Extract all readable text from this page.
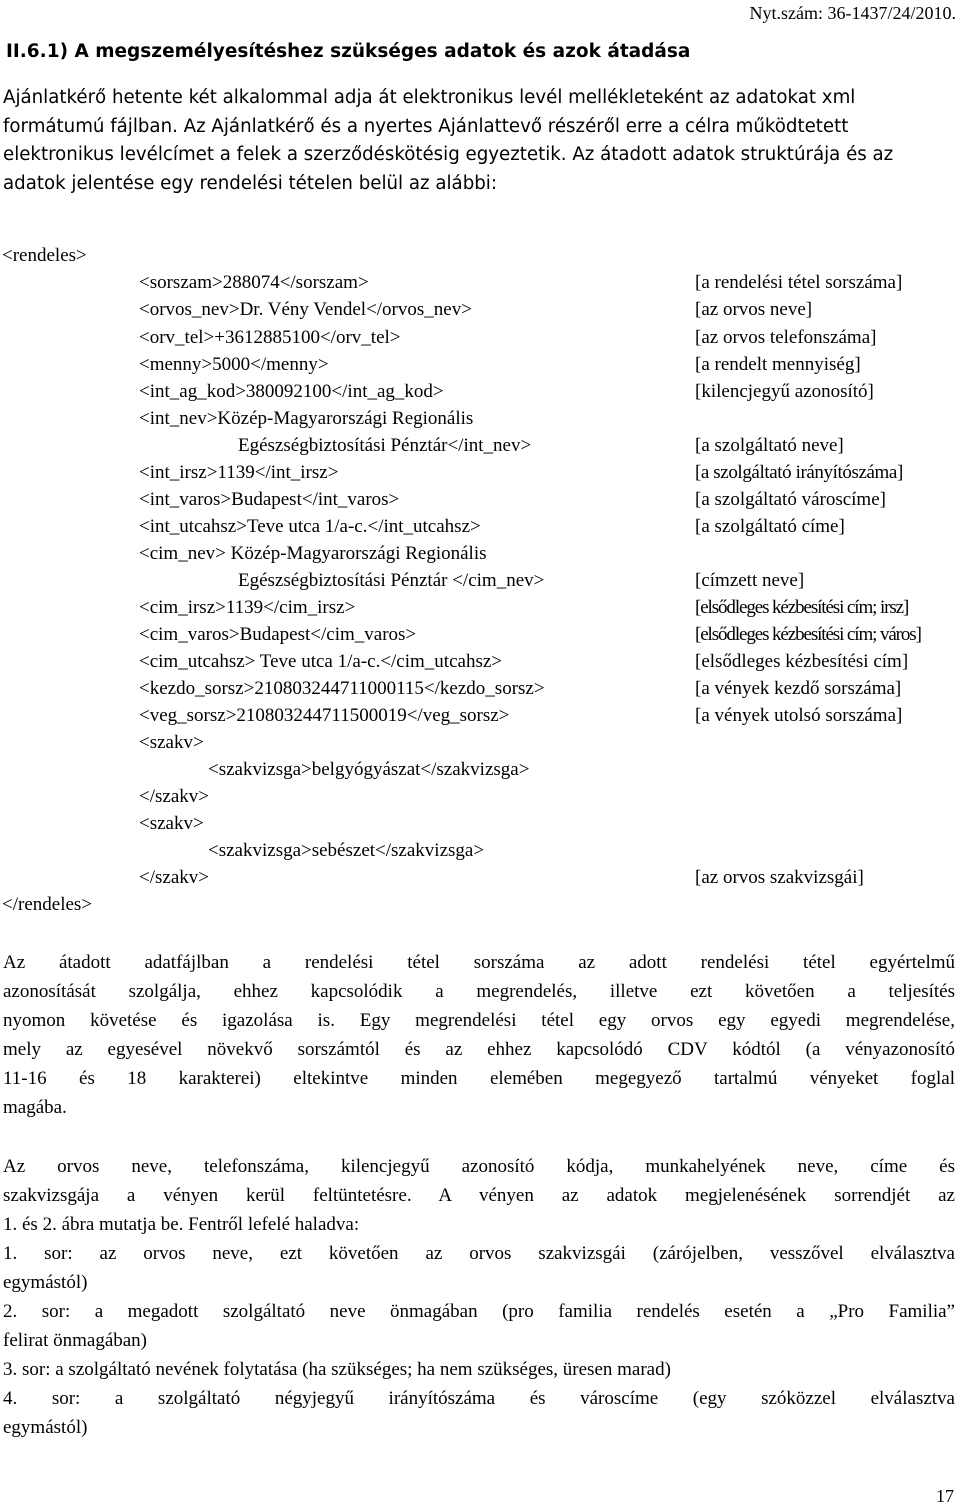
Nyt.szám: 36-1437/24/2010.
II.6.1) A megszemélyesítéshez szükséges adatok és azok átadása

Ajánlatkérő hetente két alkalommal adja át elektronikus levél mellékleteként az adatokat xml formátumú fájlban. Az Ajánlatkérő és a nyertes Ajánlattevő részéről erre a célra működtetett elektronikus levélcímet a felek a szerződéskötésig egyeztetik. Az átadott adatok struktúrája és az adatok jelentése egy rendelési tételen belül az alábbi:

<rendeles>
<sorszam>288074</sorszam>
<orvos_nev>Dr. Vény Vendel</orvos_nev>
<orv_tel>+3612885100</orv_tel>
<menny>5000</menny>
<int_ag_kod>380092100</int_ag_kod>
<int_nev>Közép-Magyarországi Regionális
Egészségbiztosítási Pénztár</int_nev>
<int_irsz>1139</int_irsz>
<int_varos>Budapest</int_varos>
<int_utcahsz>Teve utca 1/a-c.</int_utcahsz>
<cim_nev> Közép-Magyarországi Regionális
Egészségbiztosítási Pénztár </cim_nev>
<cim_irsz>1139</cim_irsz>
<cim_varos>Budapest</cim_varos>
<cim_utcahsz> Teve utca 1/a-c.</cim_utcahsz>
<kezdo_sorsz>210803244711000115</kezdo_sorsz>
<veg_sorsz>210803244711500019</veg_sorsz>
<szakv>
<szakvizsga>belgyógyászat</szakvizsga>
</szakv>
<szakv>
<szakvizsga>sebészet</szakvizsga>
</szakv>
</rendeles>
[a rendelési tétel sorszáma]
[az orvos neve]
[az orvos telefonszáma]
[a rendelt mennyiség]
[kilencjegyű azonosító]
[a szolgáltató neve]
[a szolgáltató irányítószáma]
[a szolgáltató városcíme]
[a szolgáltató címe]
[címzett neve]
[elsődleges kézbesítési cím; irsz]
[elsődleges kézbesítési cím; város]
[elsődleges kézbesítési cím]
[a vények kezdő sorszáma]
[a vények utolsó sorszáma]
[az orvos szakvizsgái]
Az átadott adatfájlban a rendelési tétel sorszáma az adott rendelési tétel egyértelmű
azonosítását szolgálja, ehhez kapcsolódik a megrendelés, illetve ezt követően a teljesítés
nyomon követése és igazolása is. Egy megrendelési tétel egy orvos egy egyedi megrendelése,
mely az egyesével növekvő sorszámtól és az ehhez kapcsolódó CDV kódtól (a vényazonosító
11-16 és 18 karakterei) eltekintve minden elemében megegyező tartalmú vényeket foglal
magába.
Az orvos neve, telefonszáma, kilencjegyű azonosító kódja, munkahelyének neve, címe és
szakvizsgája a vényen kerül feltüntetésre. A vényen az adatok megjelenésének sorrendjét az
1. és 2. ábra mutatja be. Fentről lefelé haladva:
1. sor: az orvos neve, ezt követően az orvos szakvizsgái (zárójelben, vesszővel elválasztva
egymástól)
2. sor: a megadott szolgáltató neve önmagában (pro familia rendelés esetén a „Pro Familia”
felirat önmagában)
3. sor: a szolgáltató nevének folytatása (ha szükséges; ha nem szükséges, üresen marad)
4. sor: a szolgáltató négyjegyű irányítószáma és városcíme (egy szóközzel elválasztva
egymástól)
17
